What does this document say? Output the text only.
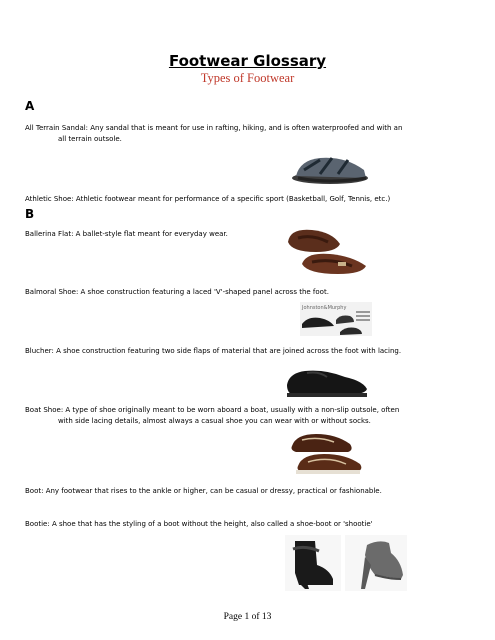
Footwear Glossary
Types of Footwear
A
All Terrain Sandal: Any sandal that is meant for use in rafting, hiking, and is often waterproofed and with an
all terrain outsole.
Athletic Shoe: Athletic footwear meant for performance of a specific sport (Basketball, Golf, Tennis, etc.)
B
Ballerina Flat: A ballet-style flat meant for everyday wear.
Balmoral Shoe: A shoe construction featuring a laced 'V'-shaped panel across the foot.
Johnston&Murphy
Blucher: A shoe construction featuring two side flaps of material that are joined across the foot with lacing.
Boat Shoe: A type of shoe originally meant to be worn aboard a boat, usually with a non-slip outsole, often
with side lacing details, almost always a casual shoe you can wear with or without socks.
Boot: Any footwear that rises to the ankle or higher, can be casual or dressy, practical or fashionable.
Bootie: A shoe that has the styling of a boot without the height, also called a shoe-boot or 'shootie'
Page 1 of 13
